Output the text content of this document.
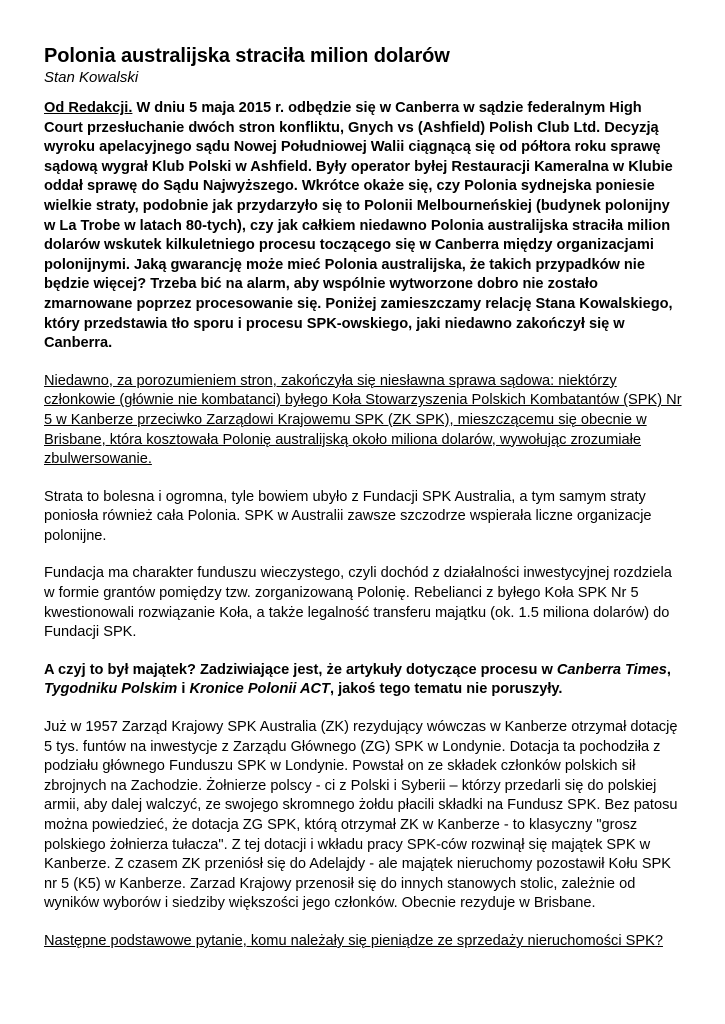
Polonia australijska straciła milion dolarów
Stan Kowalski

Od Redakcji. W dniu 5 maja 2015 r. odbędzie się w Canberra w sądzie federalnym High Court przesłuchanie dwóch stron konfliktu, Gnych vs (Ashfield) Polish Club Ltd. Decyzją wyroku apelacyjnego sądu Nowej Południowej Walii ciągnącą się od półtora roku sprawę sądową wygrał Klub Polski w Ashfield. Były operator byłej Restauracji Kameralna w Klubie oddał sprawę do Sądu Najwyższego. Wkrótce okaże się, czy Polonia sydnejska poniesie wielkie straty, podobnie jak przydarzyło się to Polonii Melbourneńskiej (budynek polonijny w La Trobe w latach 80-tych), czy jak całkiem niedawno Polonia australijska straciła milion dolarów wskutek kilkuletniego procesu toczącego się w Canberra między organizacjami polonijnymi. Jaką gwarancję może mieć Polonia australijska, że takich przypadków nie będzie więcej? Trzeba bić na alarm, aby wspólnie wytworzone dobro nie zostało zmarnowane poprzez procesowanie się. Poniżej zamieszczamy relację Stana Kowalskiego, który przedstawia tło sporu i procesu SPK-owskiego, jaki niedawno zakończył się w Canberra.

Niedawno, za porozumieniem stron, zakończyła się niesławna sprawa sądowa: niektórzy członkowie (głównie nie kombatanci) byłego Koła Stowarzyszenia Polskich Kombatantów (SPK) Nr 5 w Kanberze przeciwko Zarządowi Krajowemu SPK (ZK SPK), mieszczącemu się obecnie w Brisbane, która kosztowała Polonię australijską około miliona dolarów, wywołując zrozumiałe zbulwersowanie.

Strata to bolesna i ogromna, tyle bowiem ubyło z Fundacji SPK Australia, a tym samym straty poniosła również cała Polonia. SPK w Australii zawsze szczodrze wspierała liczne organizacje polonijne.

Fundacja ma charakter funduszu wieczystego, czyli dochód z działalności inwestycyjnej rozdziela w formie grantów pomiędzy tzw. zorganizowaną Polonię. Rebelianci z byłego Koła SPK Nr 5 kwestionowali rozwiązanie Koła, a także legalność transferu majątku (ok. 1.5 miliona dolarów) do Fundacji SPK.

A czyj to był majątek? Zadziwiające jest, że artykuły dotyczące procesu w Canberra Times, Tygodniku Polskim i Kronice Polonii ACT, jakoś tego tematu nie poruszyły.

Już w 1957 Zarząd Krajowy SPK Australia (ZK) rezydujący wówczas w Kanberze otrzymał dotację 5 tys. funtów na inwestycje z Zarządu Głównego (ZG) SPK w Londynie. Dotacja ta pochodziła z podziału głównego Funduszu SPK w Londynie. Powstał on ze składek członków polskich sił zbrojnych na Zachodzie. Żołnierze polscy - ci z Polski i Syberii – którzy przedarli się do polskiej armii, aby dalej walczyć, ze swojego skromnego żołdu płacili składki na Fundusz SPK. Bez patosu można powiedzieć, że dotacja ZG SPK, którą otrzymał ZK w Kanberze - to klasyczny "grosz polskiego żołnierza tułacza". Z tej dotacji i wkładu pracy SPK-ców rozwinął się majątek SPK w Kanberze. Z czasem ZK przeniósł się do Adelajdy - ale majątek nieruchomy pozostawił Kołu SPK nr 5 (K5) w Kanberze. Zarzad Krajowy przenosił się do innych stanowych stolic, zależnie od wyników wyborów i siedziby większości jego członków. Obecnie rezyduje w Brisbane.

Następne podstawowe pytanie, komu należały się pieniądze ze sprzedaży nieruchomości SPK?
